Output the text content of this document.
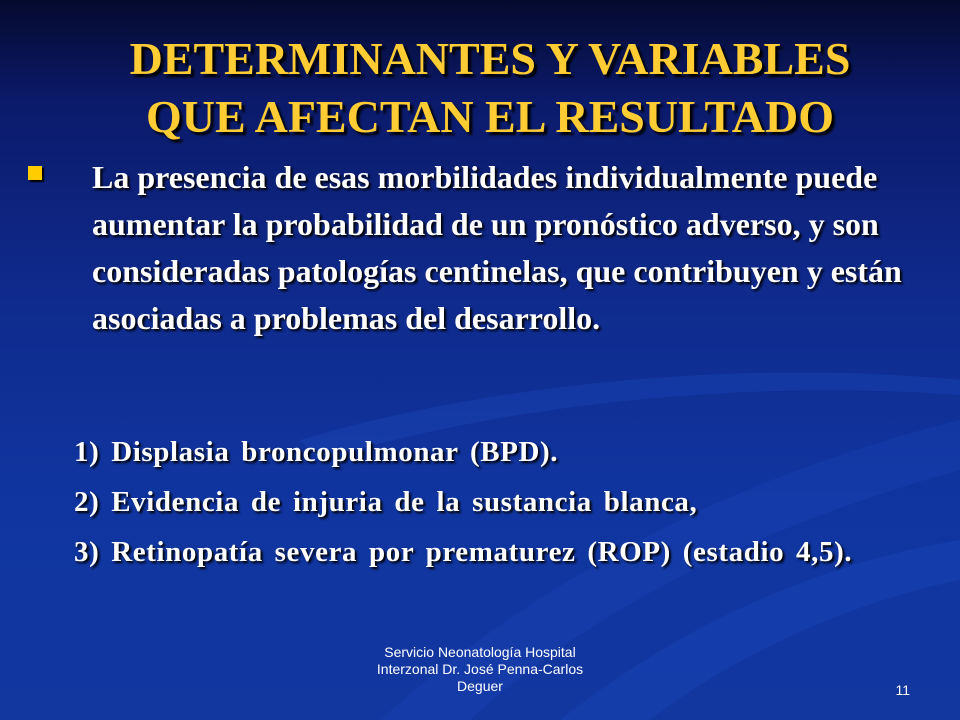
DETERMINANTES Y VARIABLES
QUE AFECTAN EL RESULTADO

La presencia de esas morbilidades individualmente puede aumentar la probabilidad de un pronóstico adverso, y son consideradas patologías centinelas, que contribuyen y están asociadas a problemas del desarrollo.

1) Displasia broncopulmonar (BPD).
2) Evidencia de injuria de la sustancia blanca,
3) Retinopatía severa por prematurez (ROP) (estadio 4,5).
Servicio Neonatología Hospital
Interzonal Dr. José Penna-Carlos
Deguer	11
